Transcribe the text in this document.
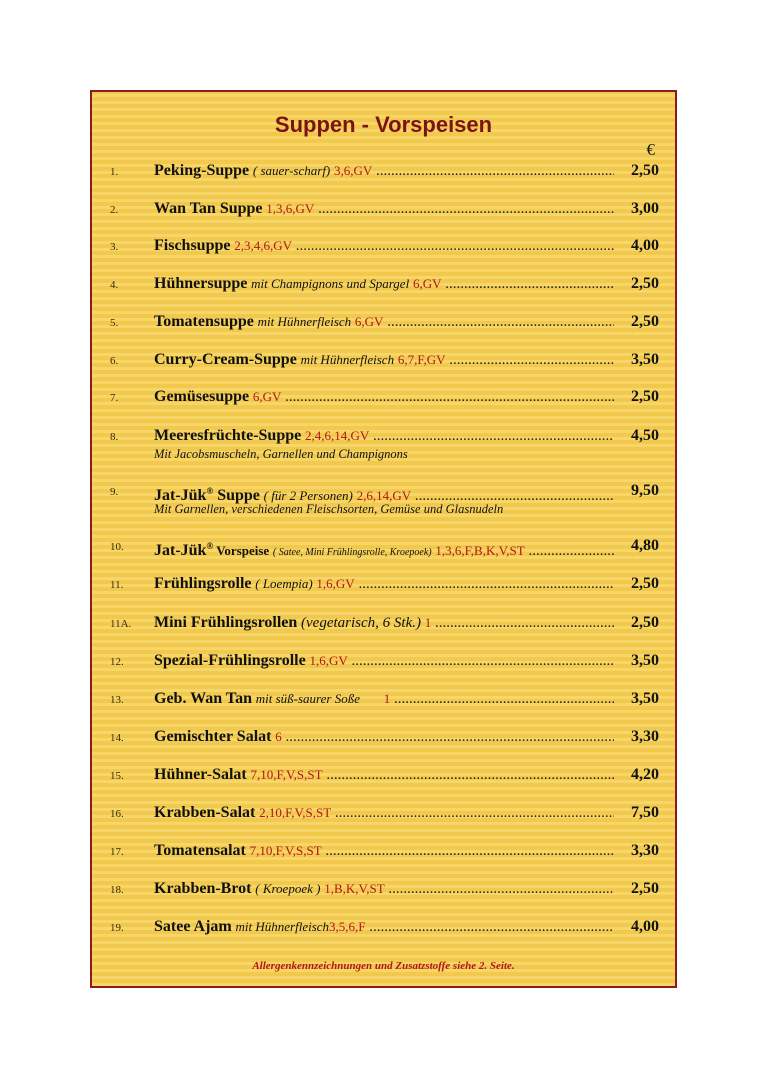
Suppen - Vorspeisen
€
1. Peking-Suppe ( sauer-scharf) 3,6,GV .....	2,50
2. Wan Tan Suppe 1,3,6,GV .....	3,00
3. Fischsuppe 2,3,4,6,GV .....	4,00
4. Hühnersuppe mit Champignons und Spargel 6,GV .....	2,50
5. Tomatensuppe mit Hühnerfleisch 6,GV .....	2,50
6. Curry-Cream-Suppe mit Hühnerfleisch 6,7,F,GV .....	3,50
7. Gemüsesuppe 6,GV .....	2,50
8. Meeresfrüchte-Suppe 2,4,6,14,GV .....	4,50
Mit Jacobsmuscheln, Garnellen und Champignons
9. Jat-Jük® Suppe ( für 2 Personen) 2,6,14,GV .....	9,50
Mit Garnellen, verschiedenen Fleischsorten, Gemüse und Glasnudeln
10. Jat-Jük® Vorspeise ( Satee, Mini Frühlingsrolle, Kroepoek) 1,3,6,F,B,K,V,ST .....	4,80
11. Frühlingsrolle ( Loempia) 1,6,GV .....	2,50
11A. Mini Frühlingsrollen (vegetarisch, 6 Stk.) 1 .....	2,50
12. Spezial-Frühlingsrolle 1,6,GV .....	3,50
13. Geb. Wan Tan mit süß-saurer Soße 1 .....	3,50
14. Gemischter Salat 6 .....	3,30
15. Hühner-Salat 7,10,F,V,S,ST .....	4,20
16. Krabben-Salat 2,10,F,V,S,ST .....	7,50
17. Tomatensalat 7,10,F,V,S,ST .....	3,30
18. Krabben-Brot ( Kroepoek ) 1,B,K,V,ST .....	2,50
19. Satee Ajam mit Hühnerfleisch3,5,6,F .....	4,00
Allergenkennzeichnungen und Zusatzstoffe siehe 2. Seite.
